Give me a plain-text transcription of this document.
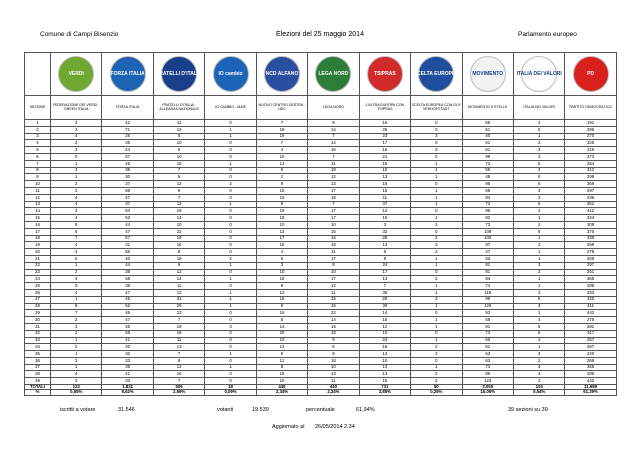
Comune di Campi Bisenzio	Elezioni del 25 maggio 2014	Parlamento europeo

VERDI	FORZA ITALIA	FRATELLI D'ITALIA	IO cambio	NCD ALFANO	LEGA NORD	TSIPRAS	SCELTA EUROPEA	MOVIMENTO	ITALIA DEI VALORI	PD

SEZIONE	FEDERAZIONE DEI VERDI - GREEN ITALIA	FORZA ITALIA	FRATELLI D'ITALIA - ALLEANZA NAZIONALE	IO CAMBIO - MAIE	NUOVO CENTRO DESTRA - UDC	LEGA NORD	L'ALTRA EUROPA CON TSIPRAS	SCELTA EUROPEA CON GUY VERHOFSTADT	MOVIMENTO 5 STELLE	ITALIA DEI VALORI	PARTITO DEMOCRATICO
1	3	42	11	0	7	9	15	0	55	2	191
2	3	71	12	1	18	14	25	0	51	0	286
3	4	26	6	1	19	7	23	3	40	1	270
4	2	35	10	0	7	14	17	0	61	2	325
5	3	44	8	0	4	16	16	3	61	3	219
6	0	57	10	0	10	7	21	0	99	3	273
7	1	45	15	1	14	11	15	1	73	5	254
8	3	35	7	0	5	18	10	1	55	2	312
9	1	30	5	0	2	12	13	1	48	0	299
10	2	37	12	2	9	13	15	0	95	5	368
11	2	68	9	0	15	17	15	1	68	3	297
12	4	47	7	0	10	18	11	1	84	2	236
13	4	37	12	1	9	7	37	1	73	6	362
14	3	54	19	0	19	17	12	0	98	2	412
15	4	53	14	0	18	17	16	1	82	1	324
16	9	44	10	0	10	10	3	3	73	2	308
17	6	47	22	0	13	15	32	0	109	5	370
18	7	57	19	0	17	16	28	2	100	1	339
19	4	31	15	0	15	18	13	3	87	2	269
20	4	56	8	0	4	11	8	2	47	1	278
21	5	40	19	2	6	17	9	1	53	1	269
22	1	44	9	1	3	8	24	1	81	3	297
23	2	38	12	0	10	10	17	0	81	2	261
24	4	58	14	1	18	17	13	2	84	1	365
25	0	38	11	0	9	12	7	1	74	1	288
26	4	47	12	1	12	11	35	1	118	3	333
27	1	45	31	1	16	15	28	3	99	5	320
28	8	52	26	1	9	16	30	1	126	3	411
29	7	46	23	0	16	22	14	0	93	1	442
30	2	47	7	0	8	14	15	1	55	4	275
31	3	45	19	3	14	15	12	1	81	5	282
32	2	58	19	0	20	18	10	0	73	6	317
33	1	41	11	0	10	9	24	1	60	2	257
34	2	40	13	0	13	6	16	2	51	1	257
35	1	32	7	1	6	8	13	3	63	3	220
36	3	33	8	0	12	18	10	0	63	2	269
37	1	35	12	1	8	10	13	1	74	4	355
38	4	41	16	0	15	13	13	2	89	4	285
39	3	33	7	0	10	11	15	2	123	2	442
TOTALI	123	1.831	506	18	445	440	731	50	3.050	103	11.689
%	0,65%	9,62%	2,66%	0,09%	2,34%	2,34%	3,85%	0,26%	16,05%	0,54%	61,39%
iscritti a votare	31.546	votanti	19.539	percentuale	61,94%	39 sezioni su 39
Aggiornato al 26/05/2014 2.34
